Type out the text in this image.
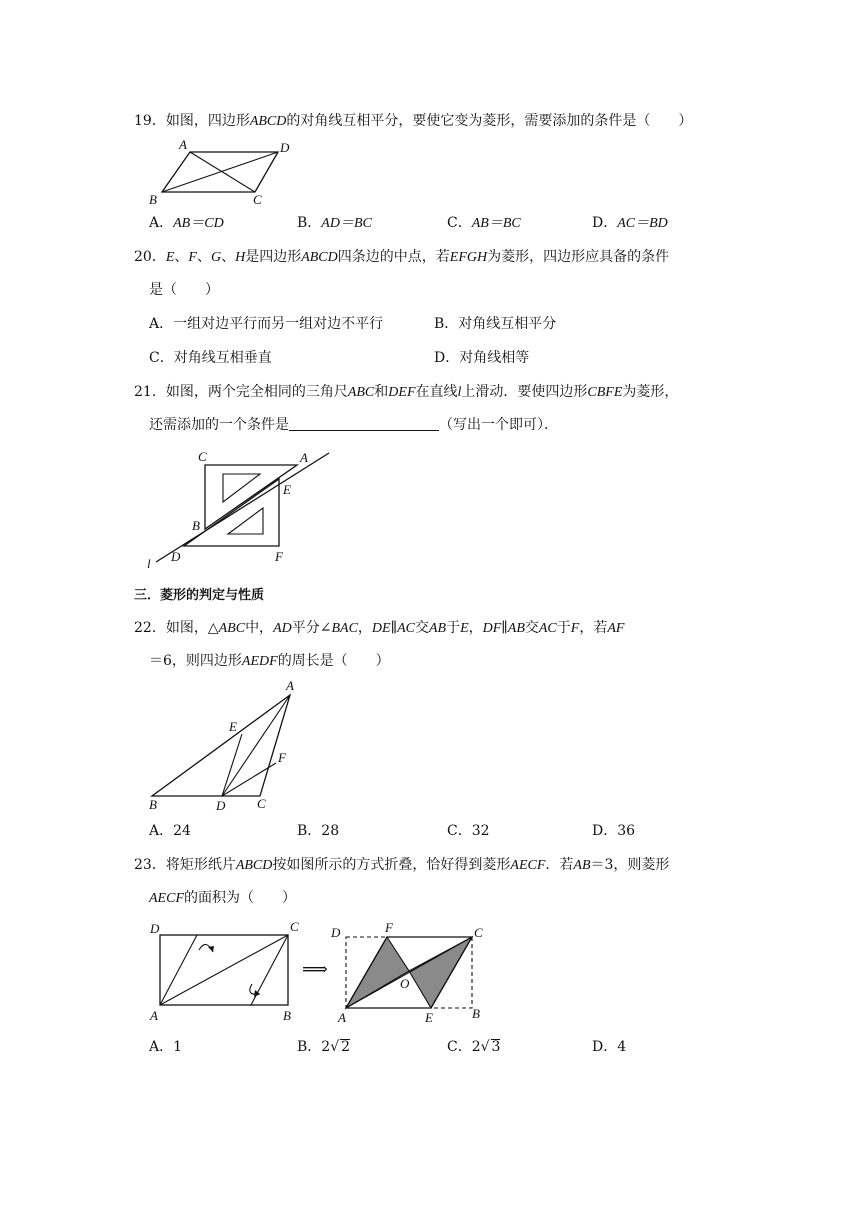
19．如图，四边形ABCD的对角线互相平分，要使它变为菱形，需要添加的条件是（　　）
A	D
B	C
A．AB＝CD	B．AD＝BC	C．AB＝BC	D．AC＝BD
20．E、F、G、H是四边形ABCD四条边的中点，若EFGH为菱形，四边形应具备的条件
是（　　）
A．一组对边平行而另一组对边不平行	B．对角线互相平分
C．对角线互相垂直	D．对角线相等
21．如图，两个完全相同的三角尺ABC和DEF在直线l上滑动．要使四边形CBFE为菱形，
还需添加的一个条件是	（写出一个即可）．
C	A
E
B
D	F
l
三．菱形的判定与性质
22．如图，△ABC中，AD平分∠BAC，DE∥AC交AB于E，DF∥AB交AC于F，若AF
＝6，则四边形AEDF的周长是（　　）
A
E
F
B	D C
A．24	B．28	C．32	D．36
23．将矩形纸片ABCD按如图所示的方式折叠，恰好得到菱形AECF．若AB＝3，则菱形
AECF的面积为（　　）
D	C
A	B
⟹
D	F	C
O
A	E	B
A．1	B．2√ 2	C．2√ 3	D．4
